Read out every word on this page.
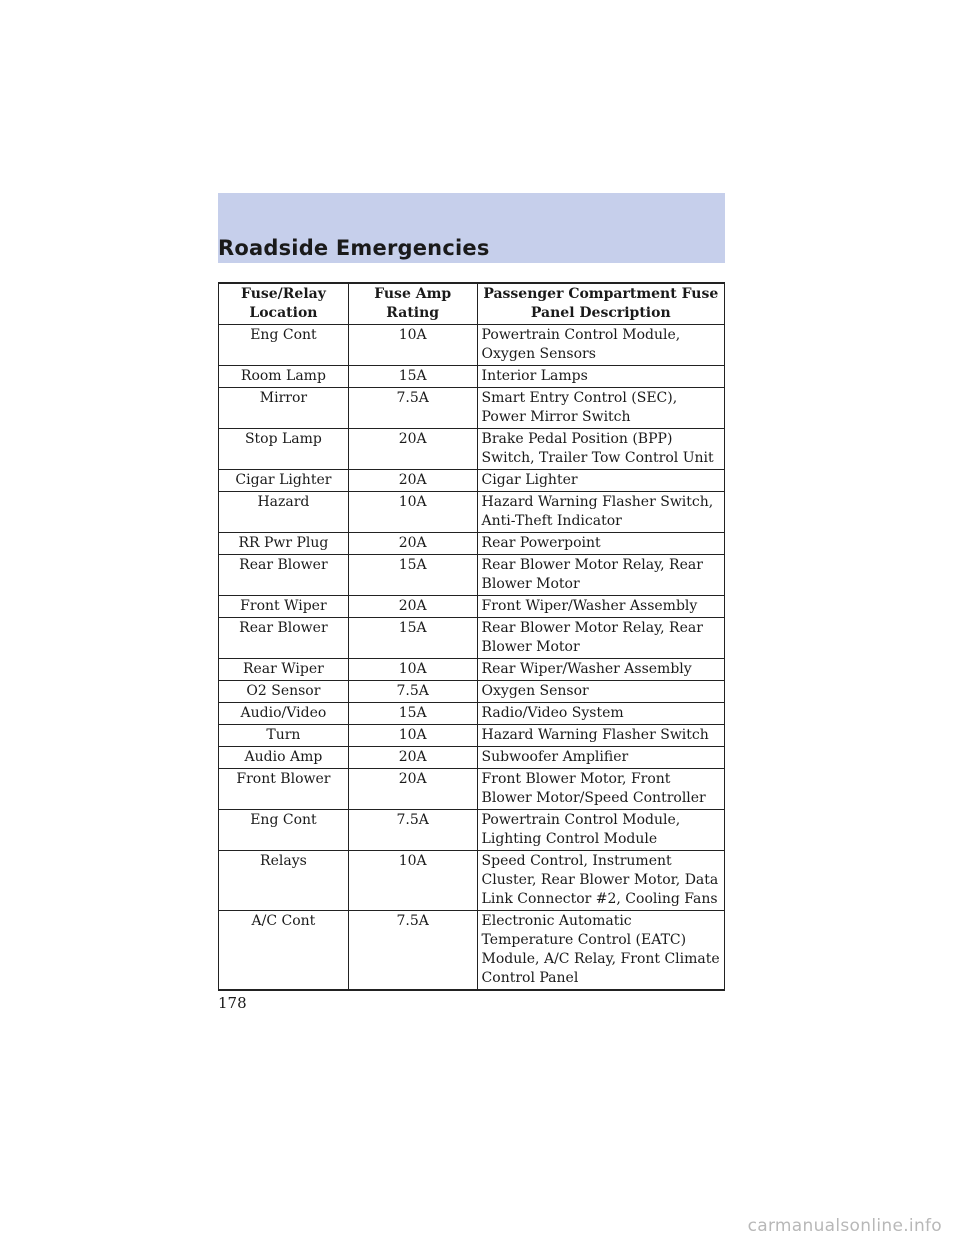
Roadside Emergencies
Fuse/Relay Location	Fuse Amp Rating	Passenger Compartment Fuse Panel Description
Eng Cont	10A	Powertrain Control Module, Oxygen Sensors
Room Lamp	15A	Interior Lamps
Mirror	7.5A	Smart Entry Control (SEC), Power Mirror Switch
Stop Lamp	20A	Brake Pedal Position (BPP) Switch, Trailer Tow Control Unit
Cigar Lighter	20A	Cigar Lighter
Hazard	10A	Hazard Warning Flasher Switch, Anti-Theft Indicator
RR Pwr Plug	20A	Rear Powerpoint
Rear Blower	15A	Rear Blower Motor Relay, Rear Blower Motor
Front Wiper	20A	Front Wiper/Washer Assembly
Rear Blower	15A	Rear Blower Motor Relay, Rear Blower Motor
Rear Wiper	10A	Rear Wiper/Washer Assembly
O2 Sensor	7.5A	Oxygen Sensor
Audio/Video	15A	Radio/Video System
Turn	10A	Hazard Warning Flasher Switch
Audio Amp	20A	Subwoofer Amplifier
Front Blower	20A	Front Blower Motor, Front Blower Motor/Speed Controller
Eng Cont	7.5A	Powertrain Control Module, Lighting Control Module
Relays	10A	Speed Control, Instrument Cluster, Rear Blower Motor, Data Link Connector #2, Cooling Fans
A/C Cont	7.5A	Electronic Automatic Temperature Control (EATC) Module, A/C Relay, Front Climate Control Panel
178
carmanualsonline.info
